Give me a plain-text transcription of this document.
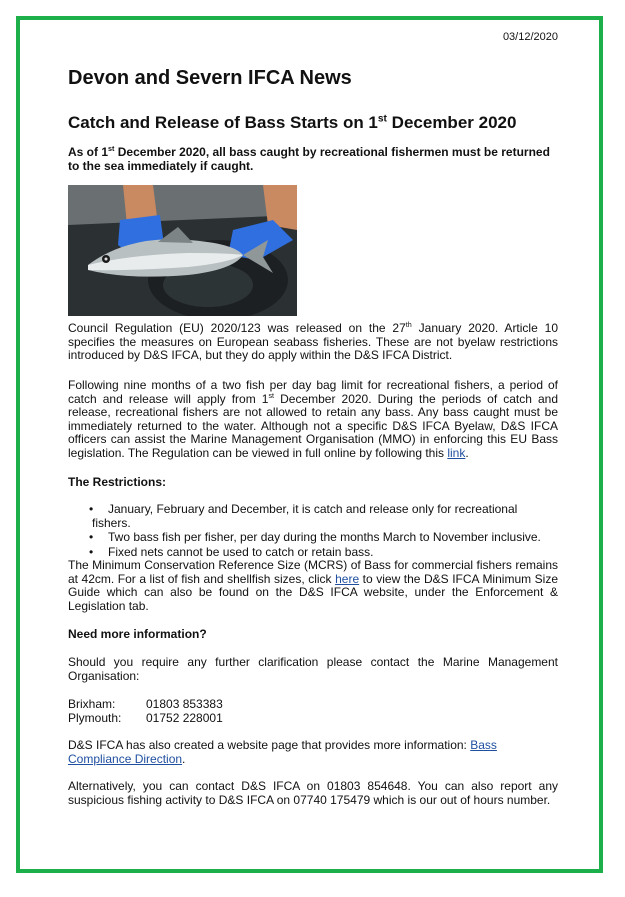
03/12/2020
Devon and Severn IFCA News
Catch and Release of Bass Starts on 1st December 2020
As of 1st December 2020, all bass caught by recreational fishermen must be returned to the sea immediately if caught.

Council Regulation (EU) 2020/123 was released on the 27th January 2020. Article 10 specifies the measures on European seabass fisheries. These are not byelaw restrictions introduced by D&S IFCA, but they do apply within the D&S IFCA District.

Following nine months of a two fish per day bag limit for recreational fishers, a period of catch and release will apply from 1st December 2020. During the periods of catch and release, recreational fishers are not allowed to retain any bass. Any bass caught must be immediately returned to the water. Although not a specific D&S IFCA Byelaw, D&S IFCA officers can assist the Marine Management Organisation (MMO) in enforcing this EU Bass legislation. The Regulation can be viewed in full online by following this link.

The Restrictions:
•	January, February and December, it is catch and release only for recreational fishers.
•	Two bass fish per fisher, per day during the months March to November inclusive.
•	Fixed nets cannot be used to catch or retain bass.

The Minimum Conservation Reference Size (MCRS) of Bass for commercial fishers remains at 42cm. For a list of fish and shellfish sizes, click here to view the D&S IFCA Minimum Size Guide which can also be found on the D&S IFCA website, under the Enforcement & Legislation tab.

Need more information?
Should you require any further clarification please contact the Marine Management Organisation:
Brixham:	01803 853383
Plymouth: 01752 228001

D&S IFCA has also created a website page that provides more information: Bass Compliance Direction.

Alternatively, you can contact D&S IFCA on 01803 854648. You can also report any suspicious fishing activity to D&S IFCA on 07740 175479 which is our out of hours number.
